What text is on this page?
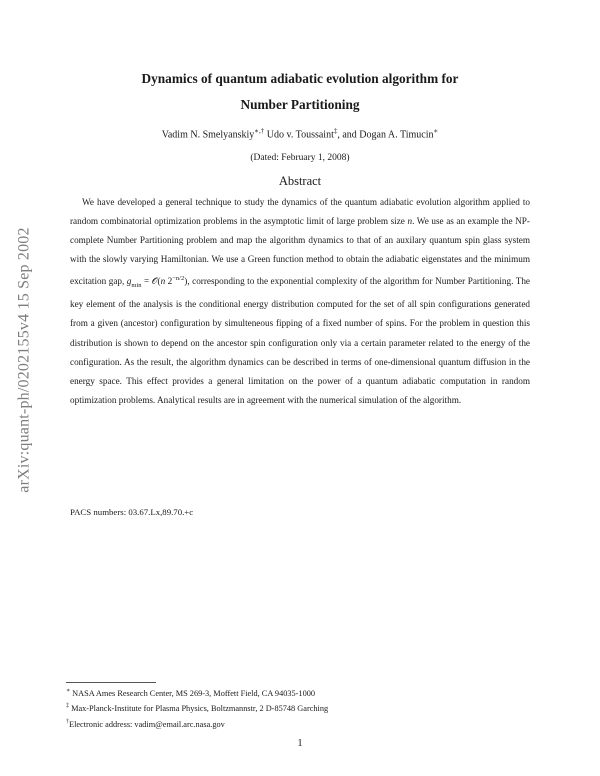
arXiv:quant-ph/0202155v4 15 Sep 2002
Dynamics of quantum adiabatic evolution algorithm for
Number Partitioning
Vadim N. Smelyanskiy∗,† Udo v. Toussaint‡, and Dogan A. Timucin∗
(Dated: February 1, 2008)
Abstract

We have developed a general technique to study the dynamics of the quantum adiabatic evolution algorithm applied to random combinatorial optimization problems in the asymptotic limit of large problem size n. We use as an example the NP-complete Number Partitioning problem and map the algorithm dynamics to that of an auxilary quantum spin glass system with the slowly varying Hamiltonian. We use a Green function method to obtain the adiabatic eigenstates and the minimum excitation gap, $g_{min}$ = 𝒪(n $2^{-n/2}$), corresponding to the exponential complexity of the algorithm for Number Partitioning. The key element of the analysis is the conditional energy distribution computed for the set of all spin configurations generated from a given (ancestor) configuration by simulteneous fipping of a fixed number of spins. For the problem in question this distribution is shown to depend on the ancestor spin configuration only via a certain parameter related to the energy of the configuration. As the result, the algorithm dynamics can be described in terms of one-dimensional quantum diffusion in the energy space. This effect provides a general limitation on the power of a quantum adiabatic computation in random optimization problems. Analytical results are in agreement with the numerical simulation of the algorithm.

PACS numbers: 03.67.Lx,89.70.+c
∗ NASA Ames Research Center, MS 269-3, Moffett Field, CA 94035-1000
‡ Max-Planck-Institute for Plasma Physics, Boltzmannstr, 2 D-85748 Garching
†Electronic address: vadim@email.arc.nasa.gov
1
